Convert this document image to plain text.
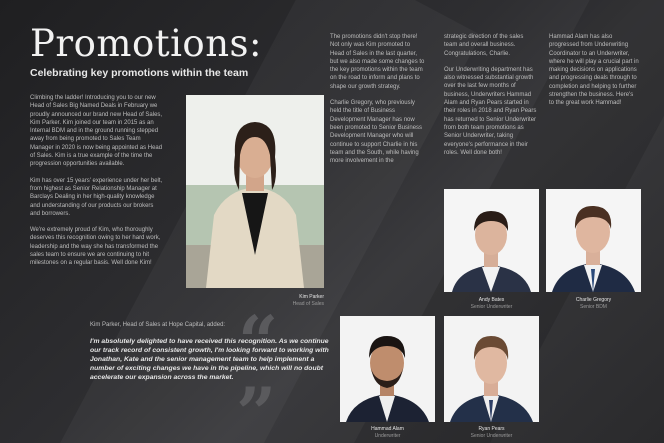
Promotions:
Celebrating key promotions within the team

Climbing the ladder! Introducing you to our new Head of Sales Big Named Deals in February we proudly announced our brand new Head of Sales, Kim Parker. Kim joined our team in 2015 as an Internal BDM and in the ground running stepped away from being promoted to Sales Team Manager in 2020 is now being appointed as Head of Sales. Kim is a true example of the time the progression opportunities available.

Kim has over 15 years' experience under her belt, from highest as Senior Relationship Manager at Barclays Dealing in her high-quality knowledge and understanding of our products our brokers and borrowers.

We're extremely proud of Kim, who thoroughly deserves this recognition owing to her hard work, leadership and the way she has transformed the sales team to ensure we are continuing to hit milestones on a regular basis. Well done Kim!

Kim Parker
Head of Sales

The promotions didn't stop there! Not only was Kim promoted to Head of Sales in the last quarter, but we also made some changes to the key promotions within the team on the road to inform and plans to shape our growth strategy.

Charlie Gregory, who previously held the title of Business Development Manager has now been promoted to Senior Business Development Manager who will continue to support Charlie in his team and the South, while having more involvement in the

strategic direction of the sales team and overall business. Congratulations, Charlie.

Our Underwriting department has also witnessed substantial growth over the last few months of business, Underwriters Hammad Alam and Ryan Pears started in their roles in 2018 and Ryan Pears has returned to Senior Underwriter from both team promotions as Senior Underwriter, taking everyone's performance in their roles. Well done both!

Hammad Alam has also progressed from Underwriting Coordinator to an Underwriter, where he will play a crucial part in making decisions on applications and progressing deals through to completion and helping to further strengthen the business. Here's to the great work Hammad!

Andy Bates
Senior Underwriter
Charlie Gregory
Senior BDM
Hammad Alam
Underwriter
Ryan Pears
Senior Underwriter
“
”
Kim Parker, Head of Sales at Hope Capital, added:
I'm absolutely delighted to have received this recognition. As we continue our track record of consistent growth, I'm looking forward to working with Jonathan, Kate and the senior management team to help implement a number of exciting changes we have in the pipeline, which will no doubt accelerate our expansion across the market.
